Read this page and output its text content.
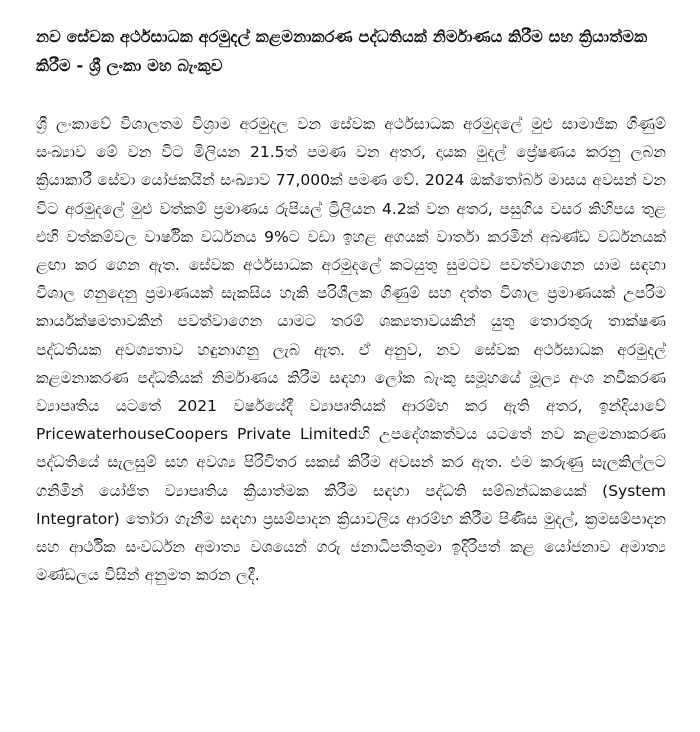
නව සේවක අර්ථසාධක අරමුදල් කළමනාකරණ පද්ධතියක් නිර්මාණය කිරීම සහ ක්‍රියාත්මක කිරීම - ශ්‍රී ලංකා මහ බැංකුව

ශ්‍රී ලංකාවේ විශාලතම විශ්‍රාම අරමුදල වන සේවක අර්ථසාධක අරමුදලේ මුළු සාමාජික ගිණුම් සංඛ්‍යාව මේ වන විට මිලියන 21.5ත් පමණ වන අතර, දායක මුදල් ප්‍රේෂණය කරනු ලබන ක්‍රියාකාරී සේවා යෝජකයින් සංඛ්‍යාව 77,000ක් පමණ වේ. 2024 ඔක්තෝබර් මාසය අවසන් වන විට අරමුදලේ මුළු වත්කම් ප්‍රමාණය රුපියල් ට්‍රිලියන 4.2ක් වන අතර, පසුගිය වසර කිහිපය තුළ එහි වත්කම්වල වාර්ෂික වර්ධනය 9%ට වඩා ඉහළ අගයක් වාර්තා කරමින් අඛණ්ඩ වර්ධනයක් ළඟා කර ගෙන ඇත. සේවක අර්ථසාධක අරමුදලේ කටයුතු සුමටව පවත්වාගෙන යාම සඳහා විශාල ගනුදෙනු ප්‍රමාණයක් සැකසිය හැකි පරිශීලක ගිණුම් සහ දත්ත විශාල ප්‍රමාණයක් උපරිම කාර්යක්ෂමතාවකින් පවත්වාගෙන යාමට තරම් ශක්‍යතාවයකින් යුතු තොරතුරු තාක්ෂණ පද්ධතියක අවශ්‍යතාව හඳුනාගනු ලැබ ඇත. ඒ අනුව, නව සේවක අර්ථසාධක අරමුදල් කළමනාකරණ පද්ධතියක් නිර්මාණය කිරීම සඳහා ලෝක බැංකු සමූහයේ මූල්‍ය අංශ නවීකරණ ව්‍යාපෘතිය යටතේ 2021 වර්ෂයේදී ව්‍යාපෘතියක් ආරම්භ කර ඇති අතර, ඉන්දියාවේ PricewaterhouseCoopers Private Limitedහි උපදේශකත්වය යටතේ නව කළමනාකරණ පද්ධතියේ සැලසුම් සහ අවශ්‍ය පිරිවිතර සකස් කිරීම අවසන් කර ඇත. එම කරුණු සැලකිල්ලට ගනිමින් යෝජිත ව්‍යාපෘතිය ක්‍රියාත්මක කිරීම සඳහා පද්ධති සම්බන්ධකයෙක් (System Integrator) තෝරා ගැනීම සඳහා ප්‍රසම්පාදන ක්‍රියාවලිය ආරම්භ කිරීම පිණිස මුදල්, ක්‍රමසම්පාදන සහ ආර්ථික සංවර්ධන අමාත්‍ය වශයෙන් ගරු ජනාධිපතිතුමා ඉදිරිපත් කළ යෝජනාව අමාත්‍ය මණ්ඩලය විසින් අනුමත කරන ලදී.
